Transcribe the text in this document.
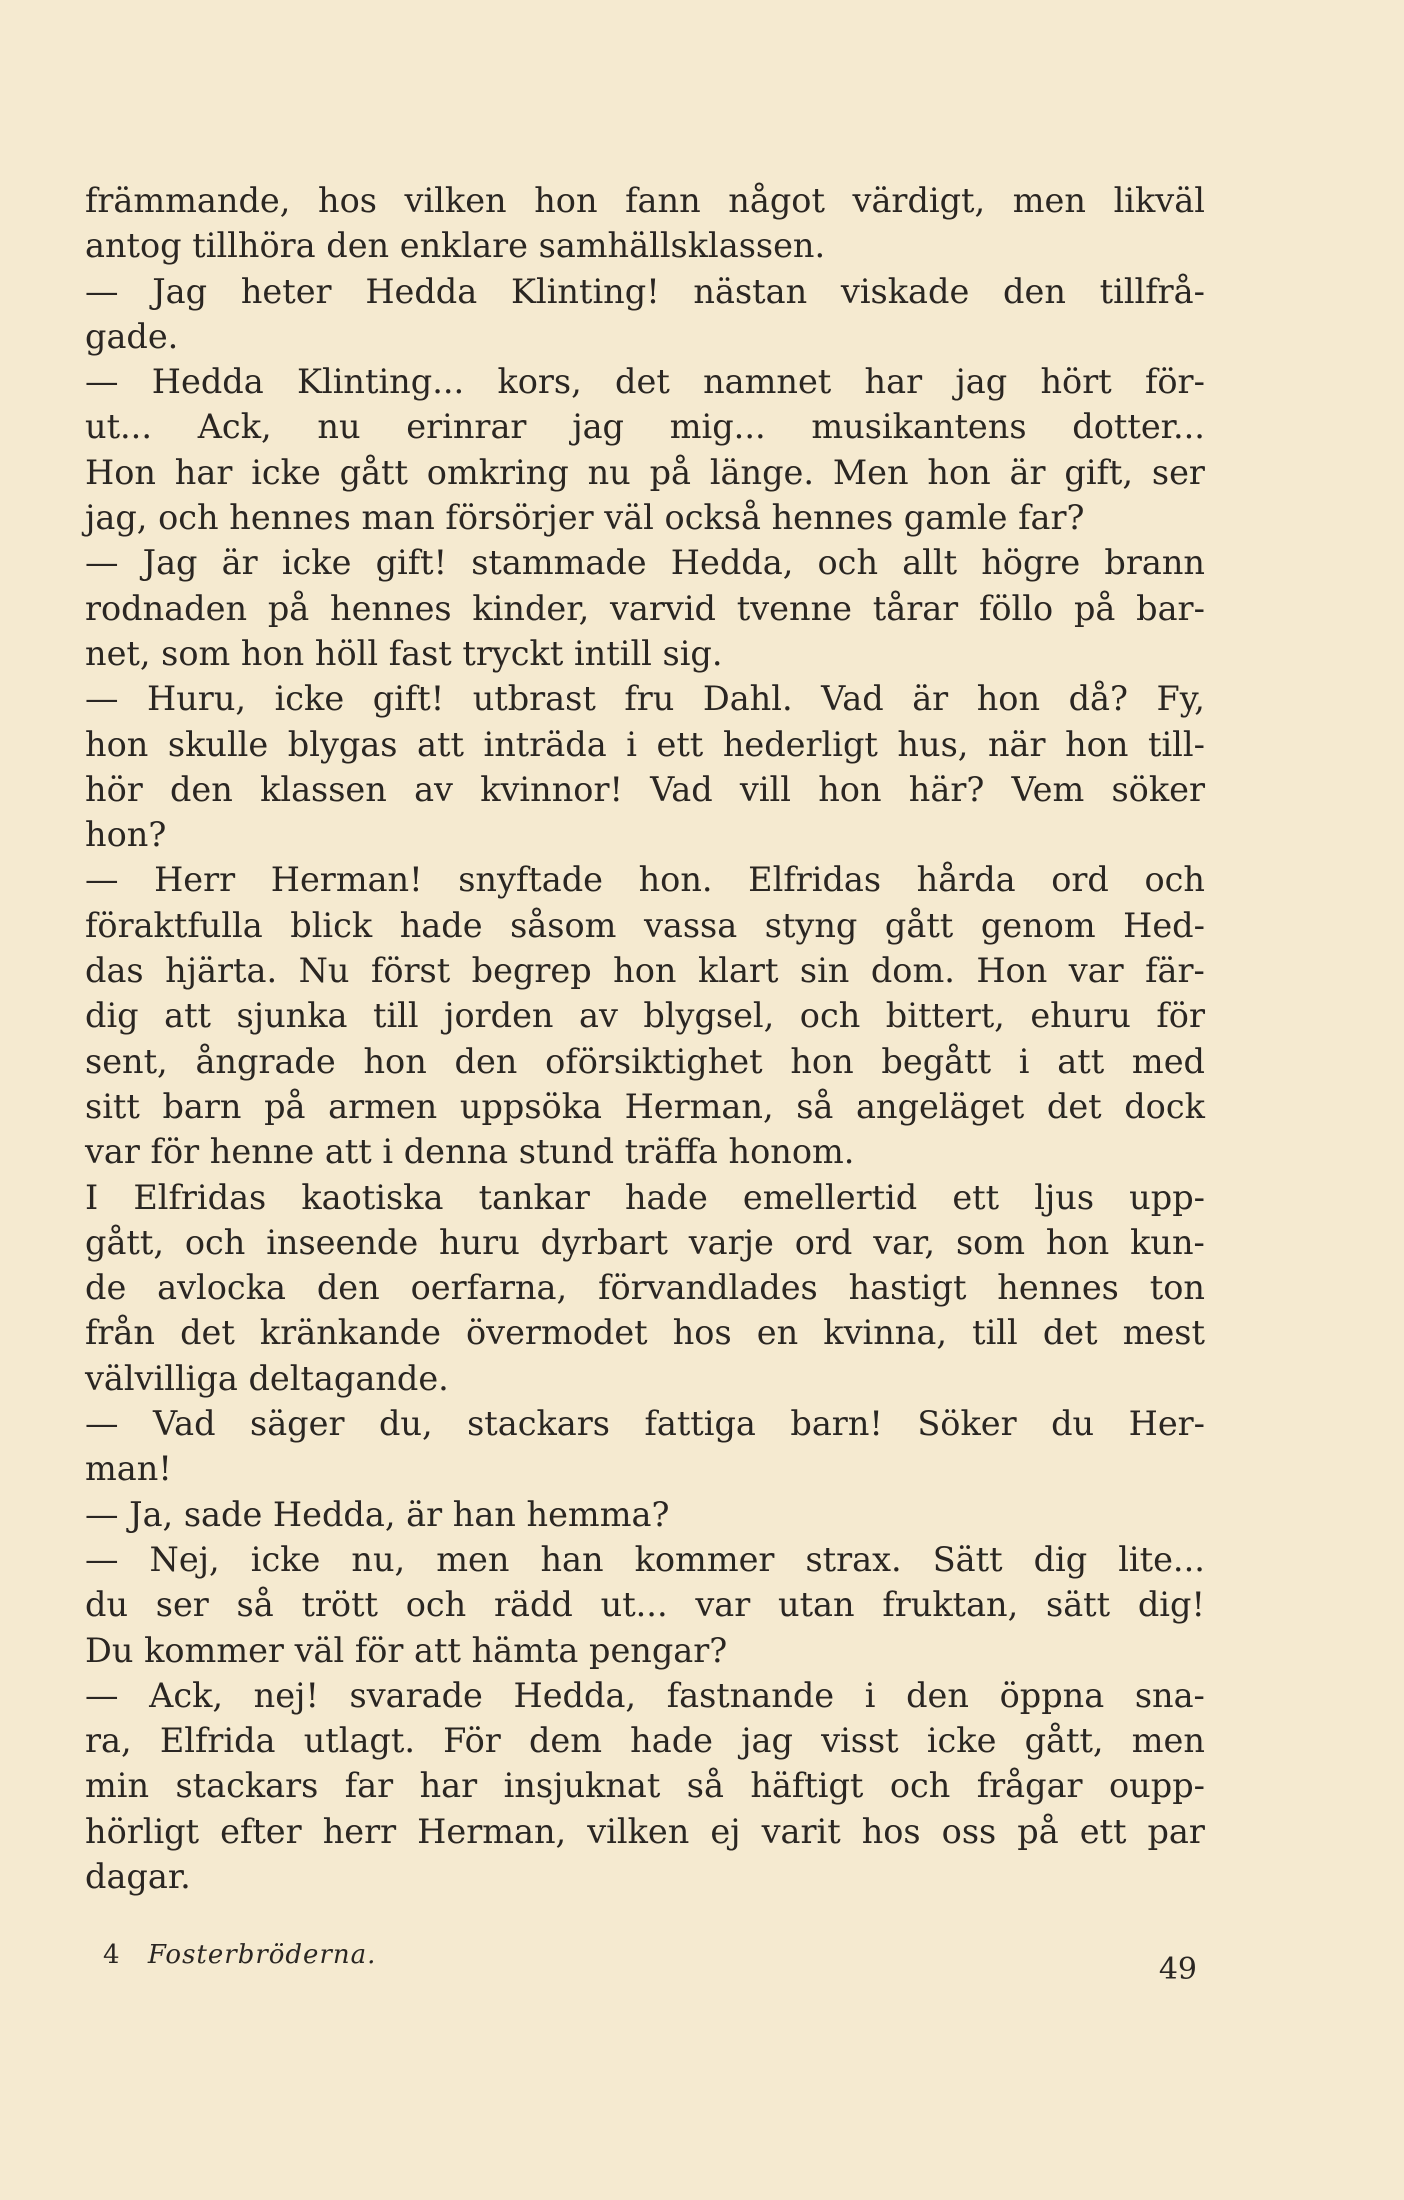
främmande, hos vilken hon fann något värdigt, men likväl
antog tillhöra den enklare samhällsklassen.
— Jag heter Hedda Klinting! nästan viskade den tillfrå-
gade.
— Hedda Klinting... kors, det namnet har jag hört för-
ut... Ack, nu erinrar jag mig... musikantens dotter...
Hon har icke gått omkring nu på länge. Men hon är gift, ser
jag, och hennes man försörjer väl också hennes gamle far?
— Jag är icke gift! stammade Hedda, och allt högre brann
rodnaden på hennes kinder, varvid tvenne tårar föllo på bar-
net, som hon höll fast tryckt intill sig.
— Huru, icke gift! utbrast fru Dahl. Vad är hon då? Fy,
hon skulle blygas att inträda i ett hederligt hus, när hon till-
hör den klassen av kvinnor! Vad vill hon här? Vem söker
hon?
— Herr Herman! snyftade hon. Elfridas hårda ord och
föraktfulla blick hade såsom vassa styng gått genom Hed-
das hjärta. Nu först begrep hon klart sin dom. Hon var fär-
dig att sjunka till jorden av blygsel, och bittert, ehuru för
sent, ångrade hon den oförsiktighet hon begått i att med
sitt barn på armen uppsöka Herman, så angeläget det dock
var för henne att i denna stund träffa honom.
I Elfridas kaotiska tankar hade emellertid ett ljus upp-
gått, och inseende huru dyrbart varje ord var, som hon kun-
de avlocka den oerfarna, förvandlades hastigt hennes ton
från det kränkande övermodet hos en kvinna, till det mest
välvilliga deltagande.
— Vad säger du, stackars fattiga barn! Söker du Her-
man!
— Ja, sade Hedda, är han hemma?
— Nej, icke nu, men han kommer strax. Sätt dig lite...
du ser så trött och rädd ut... var utan fruktan, sätt dig!
Du kommer väl för att hämta pengar?
— Ack, nej! svarade Hedda, fastnande i den öppna sna-
ra, Elfrida utlagt. För dem hade jag visst icke gått, men
min stackars far har insjuknat så häftigt och frågar oupp-
hörligt efter herr Herman, vilken ej varit hos oss på ett par
dagar.
4 Fosterbröderna.	49
